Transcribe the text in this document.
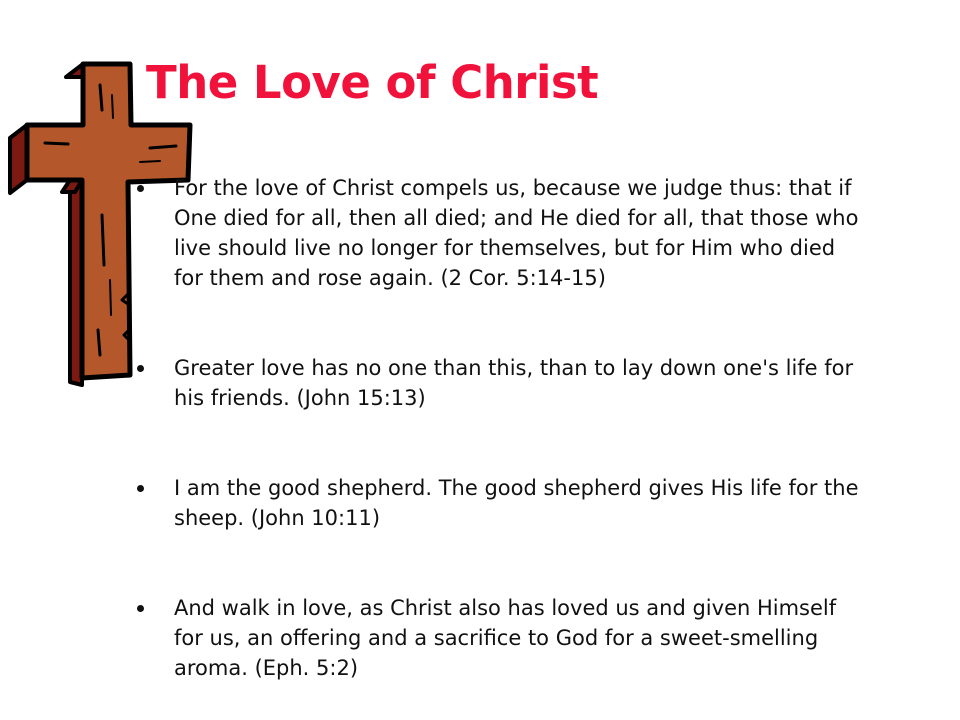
The Love of Christ
For the love of Christ compels us, because we judge thus: that if One died for all, then all died; and He died for all, that those who live should live no longer for themselves, but for Him who died for them and rose again. (2 Cor. 5:14-15)
Greater love has no one than this, than to lay down one's life for his friends. (John 15:13)
I am the good shepherd. The good shepherd gives His life for the sheep. (John 10:11)
And walk in love, as Christ also has loved us and given Himself for us, an offering and a sacrifice to God for a sweet-smelling aroma. (Eph. 5:2)
